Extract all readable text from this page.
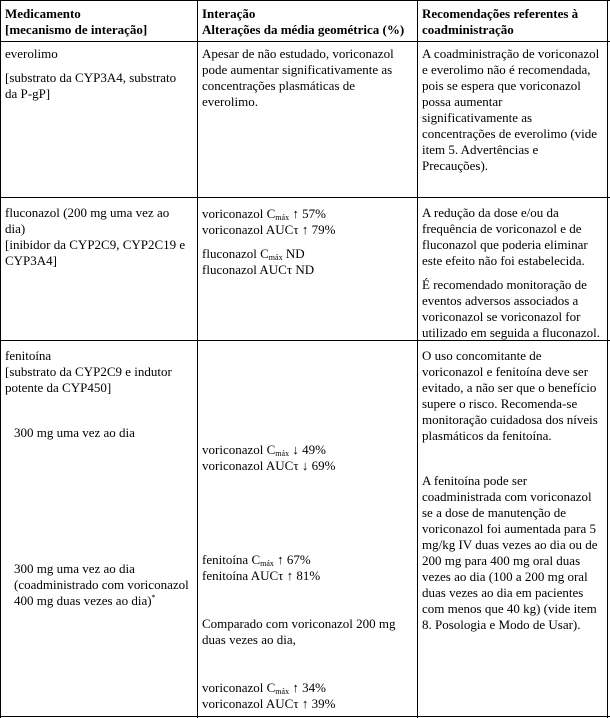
Medicamento
[mecanismo de interação]
Interação
Alterações da média geométrica (%)
Recomendações referentes à
coadministração
everolimo
[substrato da CYP3A4, substrato
da P-gP]
Apesar de não estudado, voriconazol
pode aumentar significativamente as
concentrações plasmáticas de
everolimo.
A coadministração de voriconazol
e everolimo não é recomendada,
pois se espera que voriconazol
possa aumentar
significativamente as
concentrações de everolimo (vide
item 5. Advertências e
Precauções).
fluconazol (200 mg uma vez ao
dia)
[inibidor da CYP2C9, CYP2C19 e
CYP3A4]
voriconazol $C_{máx}$ ↑ 57%
voriconazol AUCτ ↑ 79%
fluconazol $C_{máx}$ ND
fluconazol AUCτ ND
A redução da dose e/ou da
frequência de voriconazol e de
fluconazol que poderia eliminar
este efeito não foi estabelecida.
É recomendado monitoração de
eventos adversos associados a
voriconazol se voriconazol for
utilizado em seguida a fluconazol.
fenitoína
[substrato da CYP2C9 e indutor
potente da CYP450]
300 mg uma vez ao dia
300 mg uma vez ao dia
(coadministrado com voriconazol
400 mg duas vezes ao dia)*
voriconazol $C_{máx}$ ↓ 49%
voriconazol AUCτ ↓ 69%
fenitoína $C_{máx}$ ↑ 67%
fenitoína AUCτ ↑ 81%
Comparado com voriconazol 200 mg
duas vezes ao dia,
voriconazol $C_{máx}$ ↑ 34%
voriconazol AUCτ ↑ 39%
O uso concomitante de
voriconazol e fenitoína deve ser
evitado, a não ser que o benefício
supere o risco. Recomenda-se
monitoração cuidadosa dos níveis
plasmáticos da fenitoína.
A fenitoína pode ser
coadministrada com voriconazol
se a dose de manutenção de
voriconazol foi aumentada para 5
mg/kg IV duas vezes ao dia ou de
200 mg para 400 mg oral duas
vezes ao dia (100 a 200 mg oral
duas vezes ao dia em pacientes
com menos que 40 kg) (vide item
8. Posologia e Modo de Usar).
